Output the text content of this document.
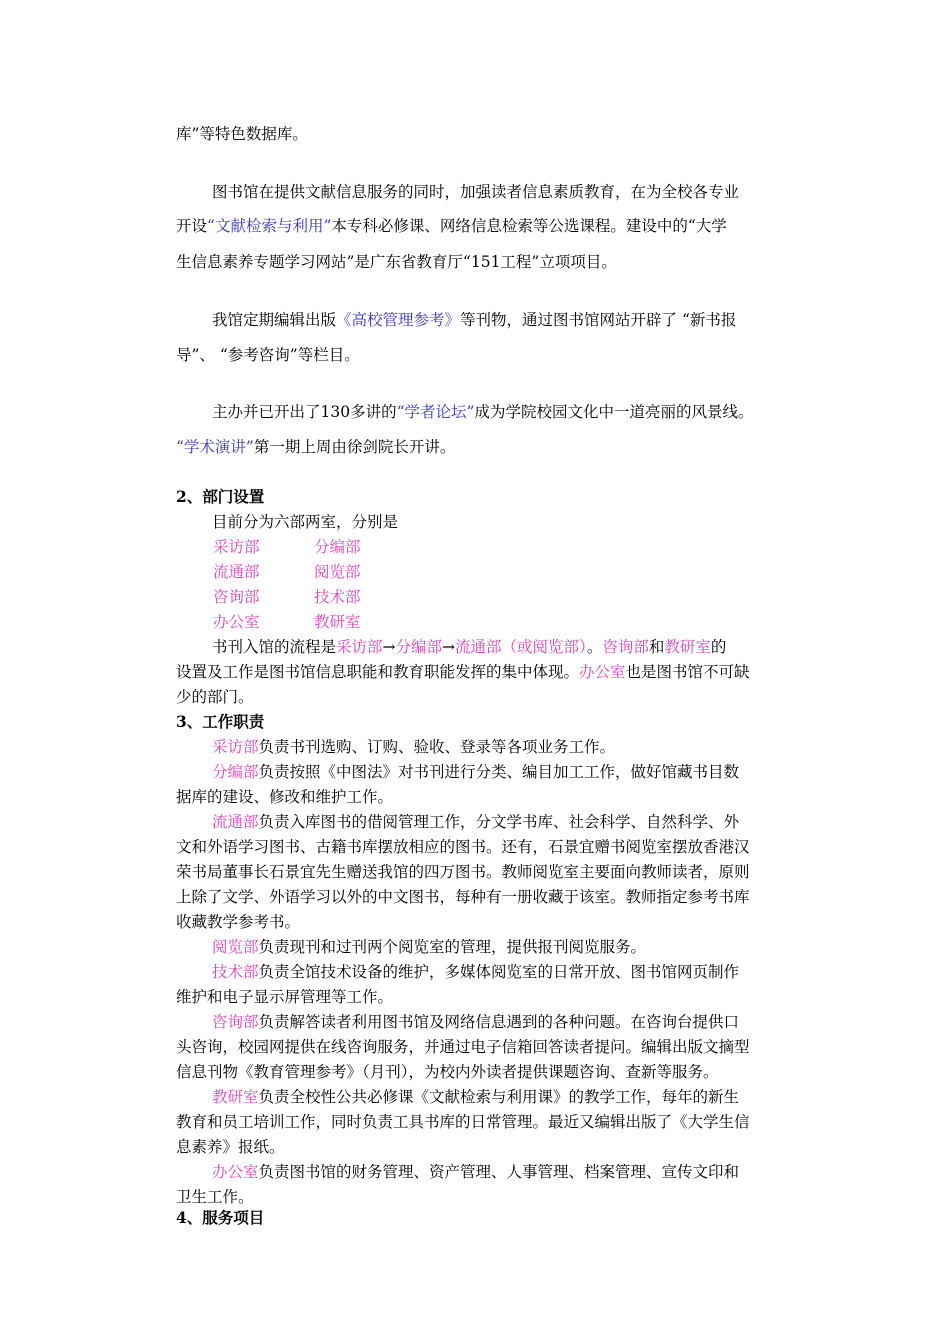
库”等特色数据库。
图书馆在提供文献信息服务的同时，加强读者信息素质教育，在为全校各专业
开设“文献检索与利用”本专科必修课、网络信息检索等公选课程。建设中的“大学
生信息素养专题学习网站”是广东省教育厅“151工程”立项项目。
我馆定期编辑出版《高校管理参考》等刊物，通过图书馆网站开辟了 “新书报
导”、 “参考咨询”等栏目。
主办并已开出了130多讲的“学者论坛”成为学院校园文化中一道亮丽的风景线。
“学术演讲”第一期上周由徐剑院长开讲。
2、部门设置
目前分为六部两室，分别是
采访部	分编部
流通部	阅览部
咨询部	技术部
办公室	教研室
书刊入馆的流程是采访部→分编部→流通部（或阅览部）。咨询部和教研室的
设置及工作是图书馆信息职能和教育职能发挥的集中体现。办公室也是图书馆不可缺
少的部门。
3、工作职责
采访部负责书刊选购、订购、验收、登录等各项业务工作。
分编部负责按照《中图法》对书刊进行分类、编目加工工作，做好馆藏书目数
据库的建设、修改和维护工作。
流通部负责入库图书的借阅管理工作，分文学书库、社会科学、自然科学、外
文和外语学习图书、古籍书库摆放相应的图书。还有，石景宜赠书阅览室摆放香港汉
荣书局董事长石景宜先生赠送我馆的四万图书。教师阅览室主要面向教师读者，原则
上除了文学、外语学习以外的中文图书，每种有一册收藏于该室。教师指定参考书库
收藏教学参考书。
阅览部负责现刊和过刊两个阅览室的管理，提供报刊阅览服务。
技术部负责全馆技术设备的维护，多媒体阅览室的日常开放、图书馆网页制作
维护和电子显示屏管理等工作。
咨询部负责解答读者利用图书馆及网络信息遇到的各种问题。在咨询台提供口
头咨询，校园网提供在线咨询服务，并通过电子信箱回答读者提问。编辑出版文摘型
信息刊物《教育管理参考》（月刊），为校内外读者提供课题咨询、查新等服务。
教研室负责全校性公共必修课《文献检索与利用课》的教学工作，每年的新生
教育和员工培训工作，同时负责工具书库的日常管理。最近又编辑出版了《大学生信
息素养》报纸。
办公室负责图书馆的财务管理、资产管理、人事管理、档案管理、宣传文印和
卫生工作。
4、服务项目
